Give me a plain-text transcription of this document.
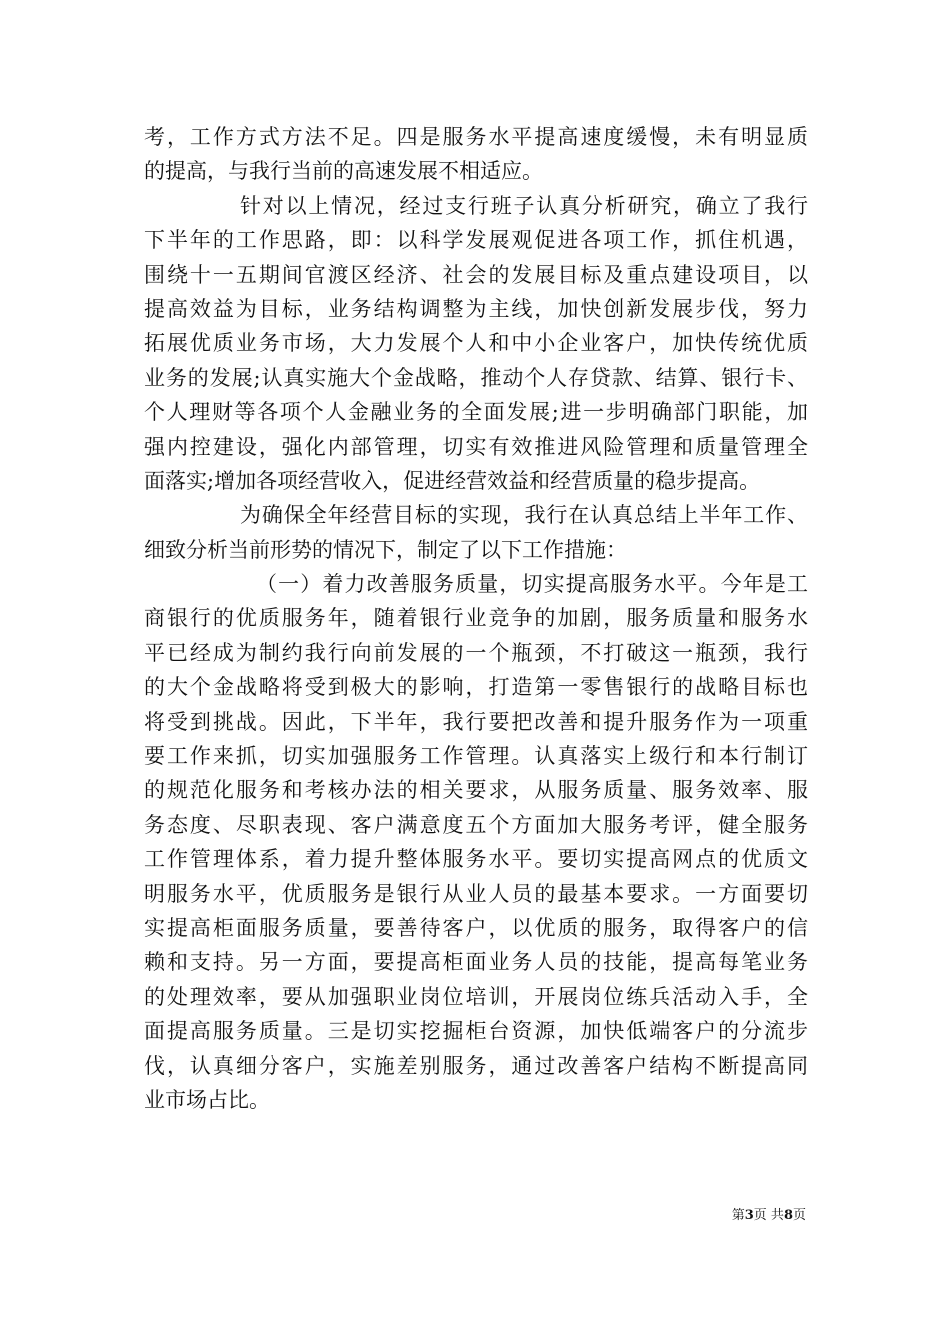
考，工作方式方法不足。四是服务水平提高速度缓慢，未有明显质
的提高，与我行当前的高速发展不相适应。
针对以上情况，经过支行班子认真分析研究，确立了我行
下半年的工作思路，即：以科学发展观促进各项工作，抓住机遇，
围绕十一五期间官渡区经济、社会的发展目标及重点建设项目，以
提高效益为目标，业务结构调整为主线，加快创新发展步伐，努力
拓展优质业务市场，大力发展个人和中小企业客户，加快传统优质
业务的发展;认真实施大个金战略，推动个人存贷款、结算、银行卡、
个人理财等各项个人金融业务的全面发展;进一步明确部门职能，加
强内控建设，强化内部管理，切实有效推进风险管理和质量管理全
面落实;增加各项经营收入，促进经营效益和经营质量的稳步提高。
为确保全年经营目标的实现，我行在认真总结上半年工作、
细致分析当前形势的情况下，制定了以下工作措施：
（一）着力改善服务质量，切实提高服务水平。今年是工
商银行的优质服务年，随着银行业竞争的加剧，服务质量和服务水
平已经成为制约我行向前发展的一个瓶颈，不打破这一瓶颈，我行
的大个金战略将受到极大的影响，打造第一零售银行的战略目标也
将受到挑战。因此，下半年，我行要把改善和提升服务作为一项重
要工作来抓，切实加强服务工作管理。认真落实上级行和本行制订
的规范化服务和考核办法的相关要求，从服务质量、服务效率、服
务态度、尽职表现、客户满意度五个方面加大服务考评，健全服务
工作管理体系，着力提升整体服务水平。要切实提高网点的优质文
明服务水平，优质服务是银行从业人员的最基本要求。一方面要切
实提高柜面服务质量，要善待客户，以优质的服务，取得客户的信
赖和支持。另一方面，要提高柜面业务人员的技能，提高每笔业务
的处理效率，要从加强职业岗位培训，开展岗位练兵活动入手，全
面提高服务质量。三是切实挖掘柜台资源，加快低端客户的分流步
伐，认真细分客户，实施差别服务，通过改善客户结构不断提高同
业市场占比。
第3页 共8页
